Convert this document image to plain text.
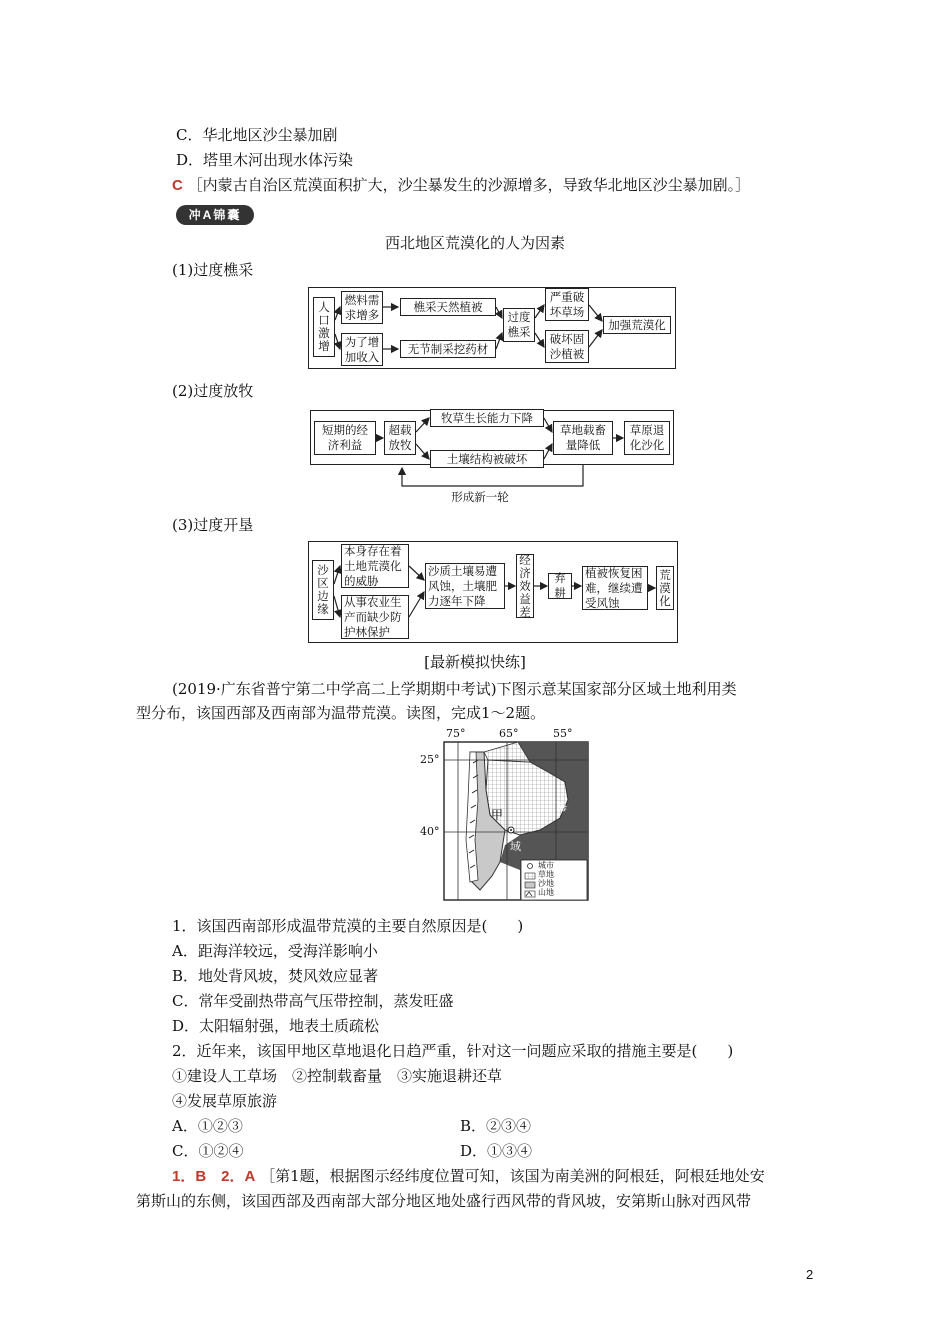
C．华北地区沙尘暴加剧
D．塔里木河出现水体污染
C ［内蒙古自治区荒漠面积扩大，沙尘暴发生的沙源增多，导致华北地区沙尘暴加剧。］
冲A锦囊
西北地区荒漠化的人为因素
(1)过度樵采
人口激增
燃料需求增多
为了增加收入
樵采天然植被
无节制采挖药材
过度樵采
严重破坏草场
破坏固沙植被
加强荒漠化
(2)过度放牧
短期的经济利益
超载放牧
牧草生长能力下降
土壤结构被破坏
草地载畜量降低
草原退化沙化
形成新一轮
(3)过度开垦
沙区边缘
本身存在着土地荒漠化的威胁
从事农业生产而缺少防护林保护
沙质土壤易遭风蚀，土壤肥力逐年下降
经济效益差
弃耕
植被恢复困难，继续遭受风蚀
荒漠化
[最新模拟快练]
(2019·广东省普宁第二中学高二上学期期中考试)下图示意某国家部分区域土地利用类
型分布，该国西部及西南部为温带荒漠。读图，完成1～2题。
75°	65°	55°
25°
40°
甲
海
域
城市
草地
沙地
山地
1．该国西南部形成温带荒漠的主要自然原因是(　　)
A．距海洋较远，受海洋影响小
B．地处背风坡，焚风效应显著
C．常年受副热带高气压带控制，蒸发旺盛
D．太阳辐射强，地表土质疏松
2．近年来，该国甲地区草地退化日趋严重，针对这一问题应采取的措施主要是(　　)
①建设人工草场　②控制载畜量　③实施退耕还草
④发展草原旅游
A．①②③	B．②③④
C．①②④	D．①③④
1．B　2．A ［第1题，根据图示经纬度位置可知，该国为南美洲的阿根廷，阿根廷地处安
第斯山的东侧，该国西部及西南部大部分地区地处盛行西风带的背风坡，安第斯山脉对西风带
2
